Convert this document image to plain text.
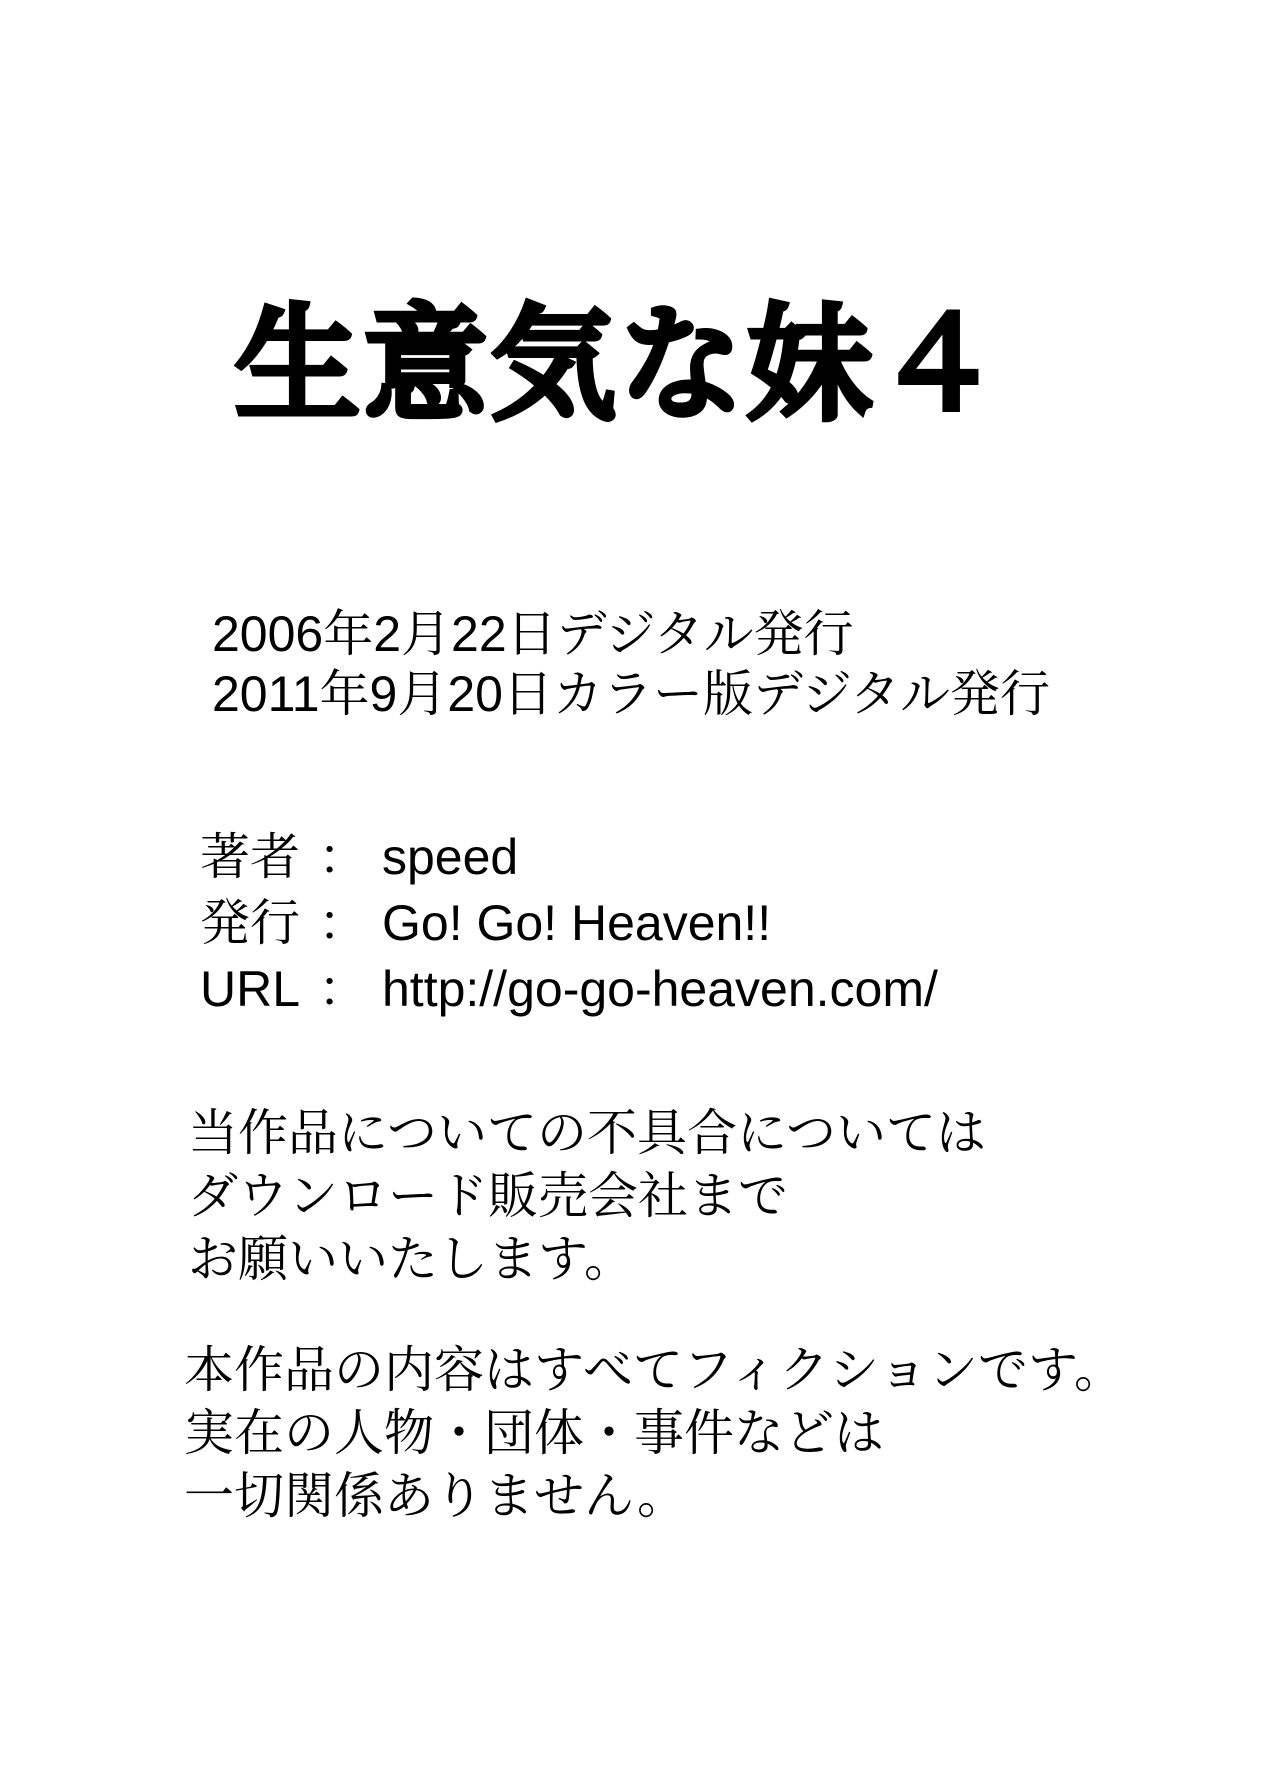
生意気な妹４
2006年2月22日デジタル発行
2011年9月20日カラー版デジタル発行
著者 ： speed
発行 ： Go! Go! Heaven!!
URL ： http://go-go-heaven.com/
当作品についての不具合については
ダウンロード販売会社まで
お願いいたします。
本作品の内容はすべてフィクションです。
実在の人物・団体・事件などは
一切関係ありません。
